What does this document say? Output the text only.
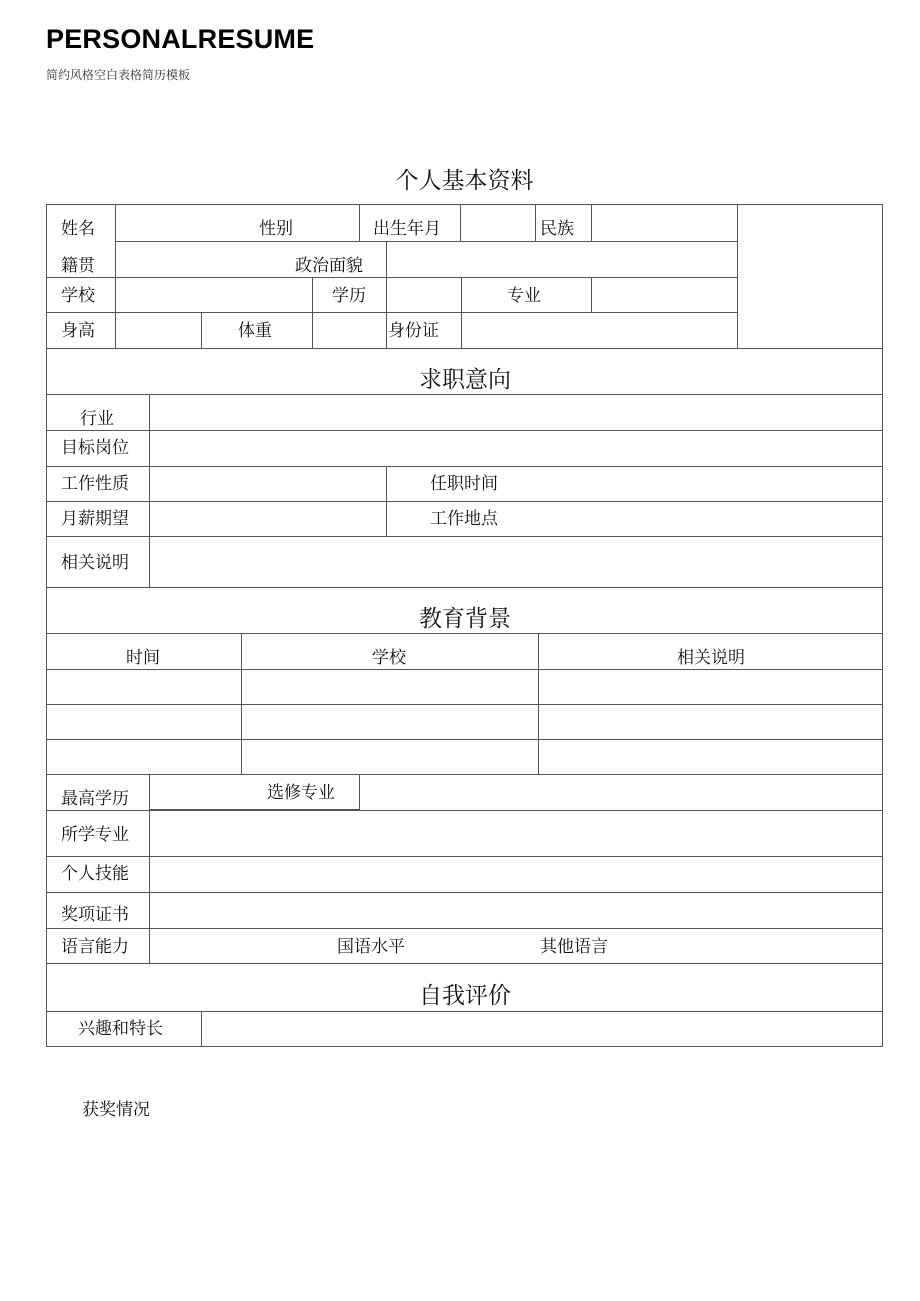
PERSONALRESUME
简约风格空白表格简历模板
个人基本资料
姓名	性别	出生年月	民族
籍贯	政治面貌
学校	学历	专业
身高	体重	身份证
求职意向
行业
目标岗位
工作性质	任职时间
月薪期望	工作地点
相关说明
教育背景
时间	学校	相关说明
最高学历	选修专业
所学专业
个人技能
奖项证书
语言能力	国语水平	其他语言
自我评价
兴趣和特长
获奖情况
